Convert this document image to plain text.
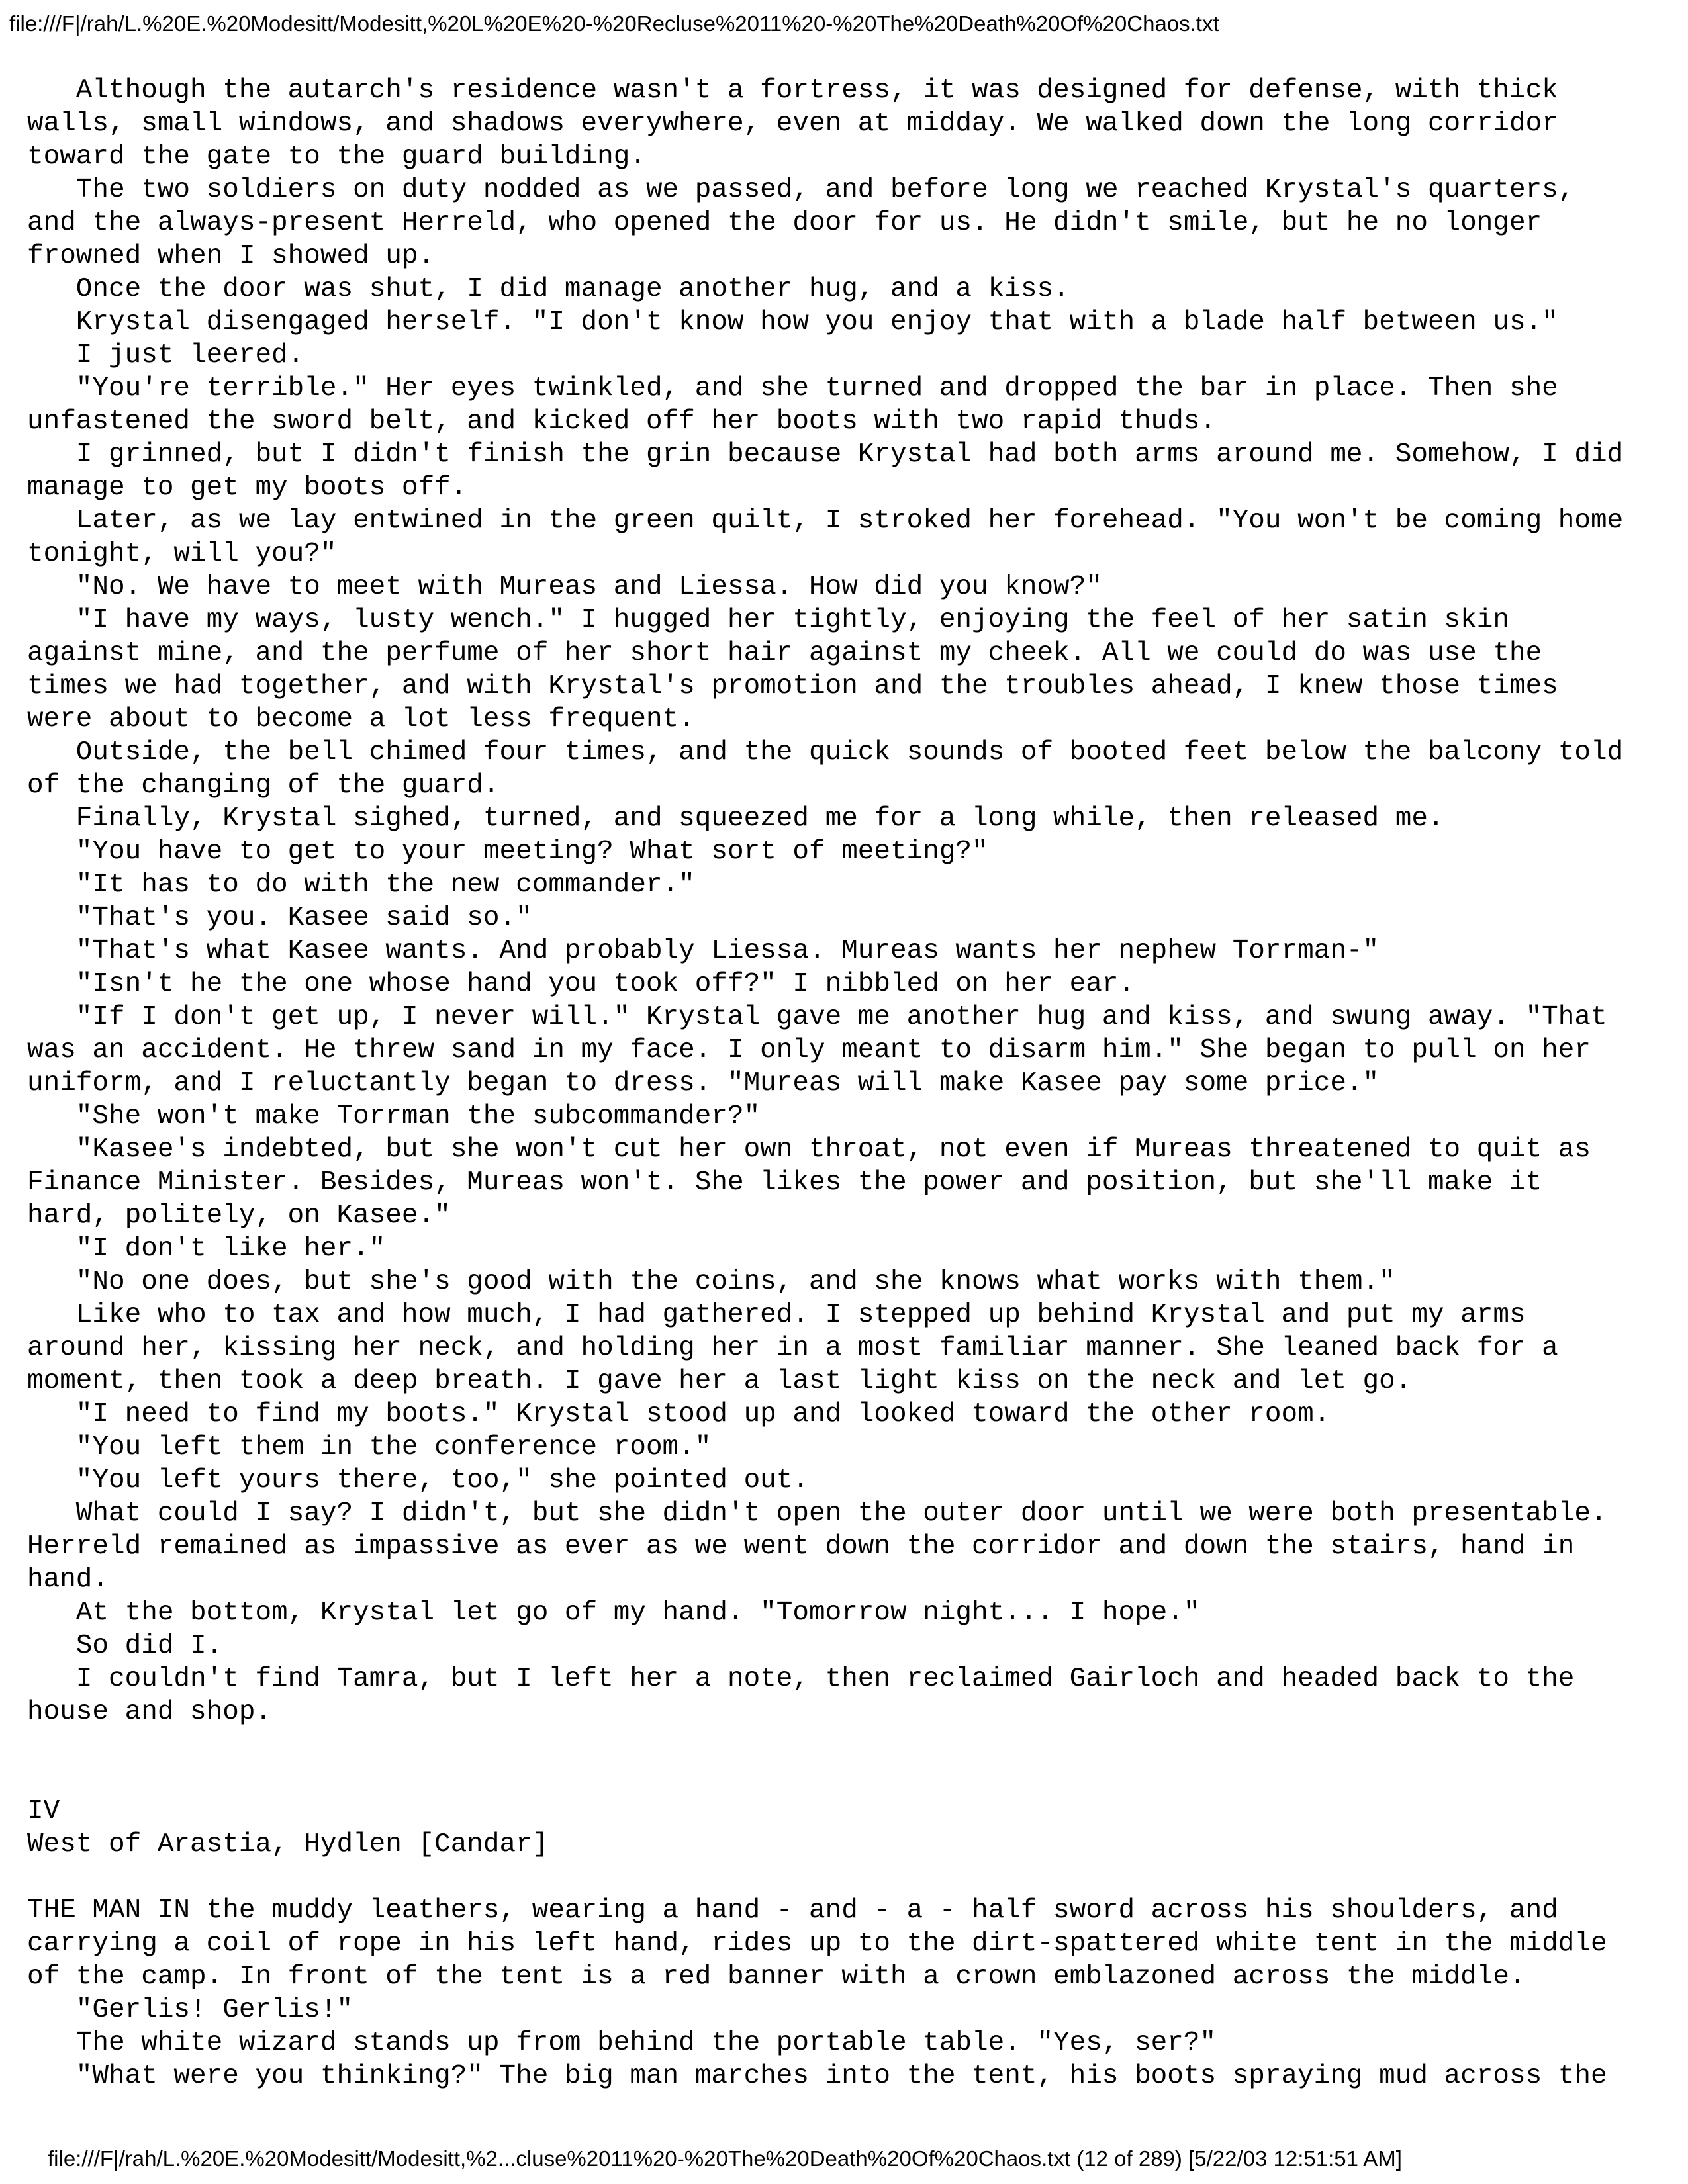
file:///F|/rah/L.%20E.%20Modesitt/Modesitt,%20L%20E%20-%20Recluse%2011%20-%20The%20Death%20Of%20Chaos.txt
Although the autarch's residence wasn't a fortress, it was designed for defense, with thick
walls, small windows, and shadows everywhere, even at midday. We walked down the long corridor
toward the gate to the guard building.
The two soldiers on duty nodded as we passed, and before long we reached Krystal's quarters,
and the always-present Herreld, who opened the door for us. He didn't smile, but he no longer
frowned when I showed up.
Once the door was shut, I did manage another hug, and a kiss.
Krystal disengaged herself. "I don't know how you enjoy that with a blade half between us."
I just leered.
"You're terrible." Her eyes twinkled, and she turned and dropped the bar in place. Then she
unfastened the sword belt, and kicked off her boots with two rapid thuds.
I grinned, but I didn't finish the grin because Krystal had both arms around me. Somehow, I did
manage to get my boots off.
Later, as we lay entwined in the green quilt, I stroked her forehead. "You won't be coming home
tonight, will you?"
"No. We have to meet with Mureas and Liessa. How did you know?"
"I have my ways, lusty wench." I hugged her tightly, enjoying the feel of her satin skin
against mine, and the perfume of her short hair against my cheek. All we could do was use the
times we had together, and with Krystal's promotion and the troubles ahead, I knew those times
were about to become a lot less frequent.
Outside, the bell chimed four times, and the quick sounds of booted feet below the balcony told
of the changing of the guard.
Finally, Krystal sighed, turned, and squeezed me for a long while, then released me.
"You have to get to your meeting? What sort of meeting?"
"It has to do with the new commander."
"That's you. Kasee said so."
"That's what Kasee wants. And probably Liessa. Mureas wants her nephew Torrman-"
"Isn't he the one whose hand you took off?" I nibbled on her ear.
"If I don't get up, I never will." Krystal gave me another hug and kiss, and swung away. "That
was an accident. He threw sand in my face. I only meant to disarm him." She began to pull on her
uniform, and I reluctantly began to dress. "Mureas will make Kasee pay some price."
"She won't make Torrman the subcommander?"
"Kasee's indebted, but she won't cut her own throat, not even if Mureas threatened to quit as
Finance Minister. Besides, Mureas won't. She likes the power and position, but she'll make it
hard, politely, on Kasee."
"I don't like her."
"No one does, but she's good with the coins, and she knows what works with them."
Like who to tax and how much, I had gathered. I stepped up behind Krystal and put my arms
around her, kissing her neck, and holding her in a most familiar manner. She leaned back for a
moment, then took a deep breath. I gave her a last light kiss on the neck and let go.
"I need to find my boots." Krystal stood up and looked toward the other room.
"You left them in the conference room."
"You left yours there, too," she pointed out.
What could I say? I didn't, but she didn't open the outer door until we were both presentable.
Herreld remained as impassive as ever as we went down the corridor and down the stairs, hand in
hand.
At the bottom, Krystal let go of my hand. "Tomorrow night... I hope."
So did I.
I couldn't find Tamra, but I left her a note, then reclaimed Gairloch and headed back to the
house and shop.
IV
West of Arastia, Hydlen [Candar]
THE MAN IN the muddy leathers, wearing a hand - and - a - half sword across his shoulders, and
carrying a coil of rope in his left hand, rides up to the dirt-spattered white tent in the middle
of the camp. In front of the tent is a red banner with a crown emblazoned across the middle.
"Gerlis! Gerlis!"
The white wizard stands up from behind the portable table. "Yes, ser?"
"What were you thinking?" The big man marches into the tent, his boots spraying mud across the
file:///F|/rah/L.%20E.%20Modesitt/Modesitt,%2...cluse%2011%20-%20The%20Death%20Of%20Chaos.txt (12 of 289) [5/22/03 12:51:51 AM]
